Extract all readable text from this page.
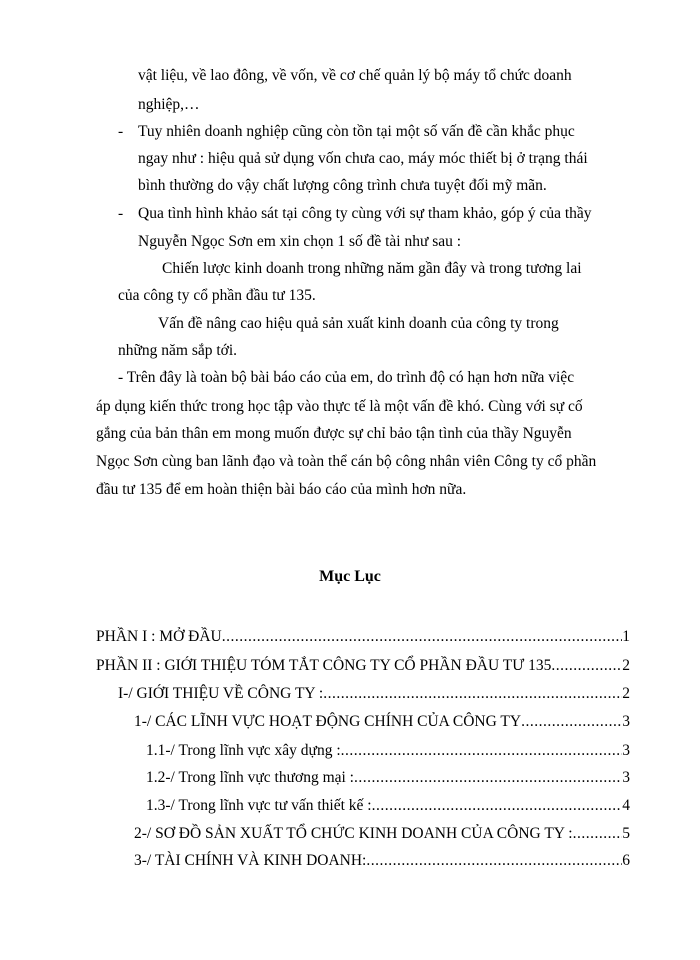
vật liệu, về lao đông, về vốn, về cơ chế quản lý bộ máy tổ chức doanh
nghiệp,…
- Tuy nhiên doanh nghiệp cũng còn tồn tại một số vấn đề cần khắc phục
ngay như : hiệu quả sử dụng vốn chưa cao, máy móc thiết bị ở trạng thái
bình thường do vậy chất lượng công trình chưa tuyệt đối mỹ mãn.
- Qua tình hình khảo sát tại công ty cùng với sự tham khảo, góp ý của thầy
Nguyễn Ngọc Sơn em xin chọn 1 số đề tài như sau :
Chiến lược kinh doanh trong những năm gần đây và trong tương lai
của công ty cổ phần đầu tư 135.
Vấn đề nâng cao hiệu quả sản xuất kinh doanh của công ty trong
những năm sắp tới.
- Trên đây là toàn bộ bài báo cáo của em, do trình độ có hạn hơn nữa việc
áp dụng kiến thức trong học tập vào thực tế là một vấn đề khó. Cùng với sự cố
gắng của bản thân em mong muốn được sự chỉ bảo tận tình của thầy Nguyễn
Ngọc Sơn cùng ban lãnh đạo và toàn thể cán bộ công nhân viên Công ty cổ phần
đầu tư 135 để em hoàn thiện bài báo cáo của mình hơn nữa.
Mục Lục
PHẦN I : MỞ ĐẦU .....	1
PHẦN II : GIỚI THIỆU TÓM TẮT CÔNG TY CỔ PHẦN ĐẦU TƯ 135 .....	2
I-/ GIỚI THIỆU VỀ CÔNG TY : .....	2
1-/ CÁC LĨNH VỰC HOẠT ĐỘNG CHÍNH CỦA CÔNG TY .....	3
1.1-/ Trong lĩnh vực xây dựng : .....	3
1.2-/ Trong lĩnh vực thương mại : .....	3
1.3-/ Trong lĩnh vực tư vấn thiết kế : .....	4
2-/ SƠ ĐỒ SẢN XUẤT TỔ CHỨC KINH DOANH CỦA CÔNG TY : .....	5
3-/ TÀI CHÍNH VÀ KINH DOANH: .....	6
